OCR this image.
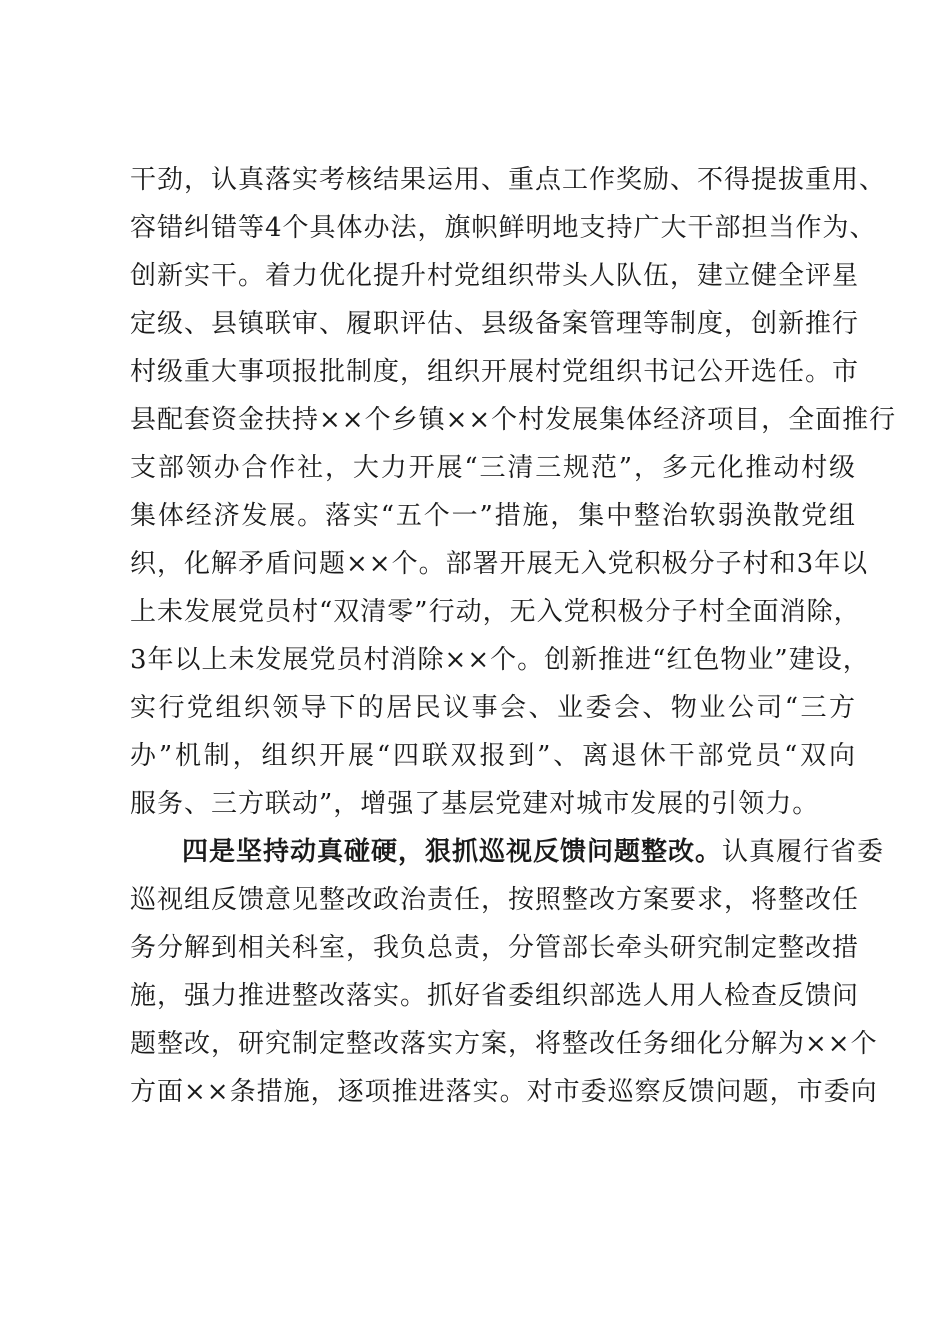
干劲，认真落实考核结果运用、重点工作奖励、不得提拔重用、
容错纠错等4个具体办法，旗帜鲜明地支持广大干部担当作为、
创新实干。着力优化提升村党组织带头人队伍，建立健全评星
定级、县镇联审、履职评估、县级备案管理等制度，创新推行
村级重大事项报批制度，组织开展村党组织书记公开选任。市
县配套资金扶持××个乡镇××个村发展集体经济项目，全面推行
支部领办合作社，大力开展“三清三规范”，多元化推动村级
集体经济发展。落实“五个一”措施，集中整治软弱涣散党组
织，化解矛盾问题××个。部署开展无入党积极分子村和3年以
上未发展党员村“双清零”行动，无入党积极分子村全面消除，
3年以上未发展党员村消除××个。创新推进“红色物业”建设，
实行党组织领导下的居民议事会、业委会、物业公司“三方
办”机制，组织开展“四联双报到”、离退休干部党员“双向
服务、三方联动”，增强了基层党建对城市发展的引领力。
四是坚持动真碰硬，狠抓巡视反馈问题整改。认真履行省委
巡视组反馈意见整改政治责任，按照整改方案要求，将整改任
务分解到相关科室，我负总责，分管部长牵头研究制定整改措
施，强力推进整改落实。抓好省委组织部选人用人检查反馈问
题整改，研究制定整改落实方案，将整改任务细化分解为××个
方面××条措施，逐项推进落实。对市委巡察反馈问题，市委向
